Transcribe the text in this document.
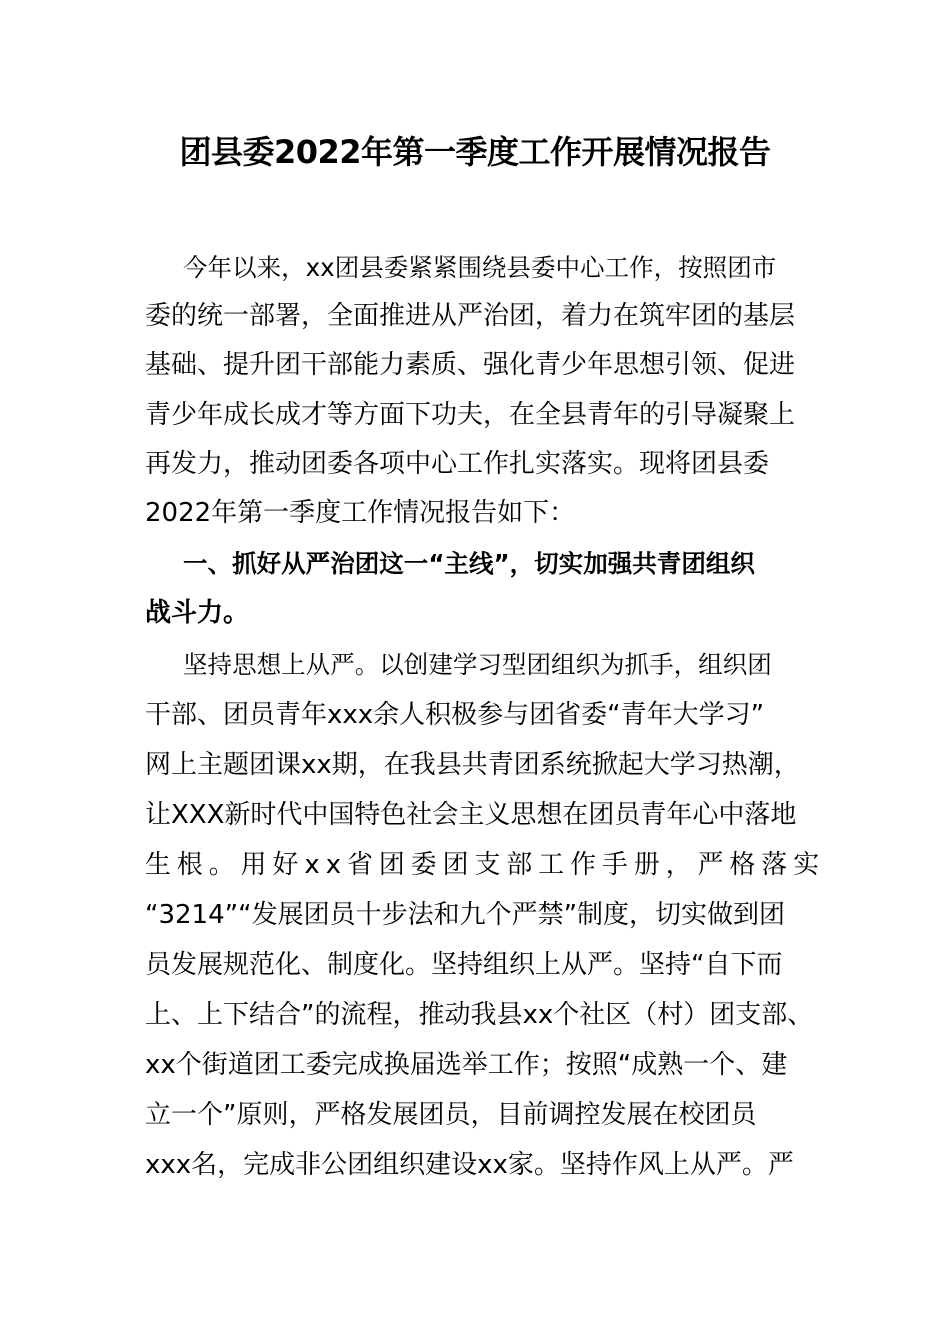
团县委2022年第一季度工作开展情况报告
今年以来，xx团县委紧紧围绕县委中心工作，按照团市
委的统一部署，全面推进从严治团，着力在筑牢团的基层
基础、提升团干部能力素质、强化青少年思想引领、促进
青少年成长成才等方面下功夫，在全县青年的引导凝聚上
再发力，推动团委各项中心工作扎实落实。现将团县委
2022年第一季度工作情况报告如下：
一、抓好从严治团这一“主线”，切实加强共青团组织
战斗力。
坚持思想上从严。以创建学习型团组织为抓手，组织团
干部、团员青年xxx余人积极参与团省委“青年大学习”
网上主题团课xx期，在我县共青团系统掀起大学习热潮，
让XXX新时代中国特色社会主义思想在团员青年心中落地
生根。用好xx省团委团支部工作手册，严格落实
“3214”“发展团员十步法和九个严禁”制度，切实做到团
员发展规范化、制度化。坚持组织上从严。坚持“自下而
上、上下结合”的流程，推动我县xx个社区（村）团支部、
xx个街道团工委完成换届选举工作；按照“成熟一个、建
立一个”原则，严格发展团员，目前调控发展在校团员
xxx名，完成非公团组织建设xx家。坚持作风上从严。严
